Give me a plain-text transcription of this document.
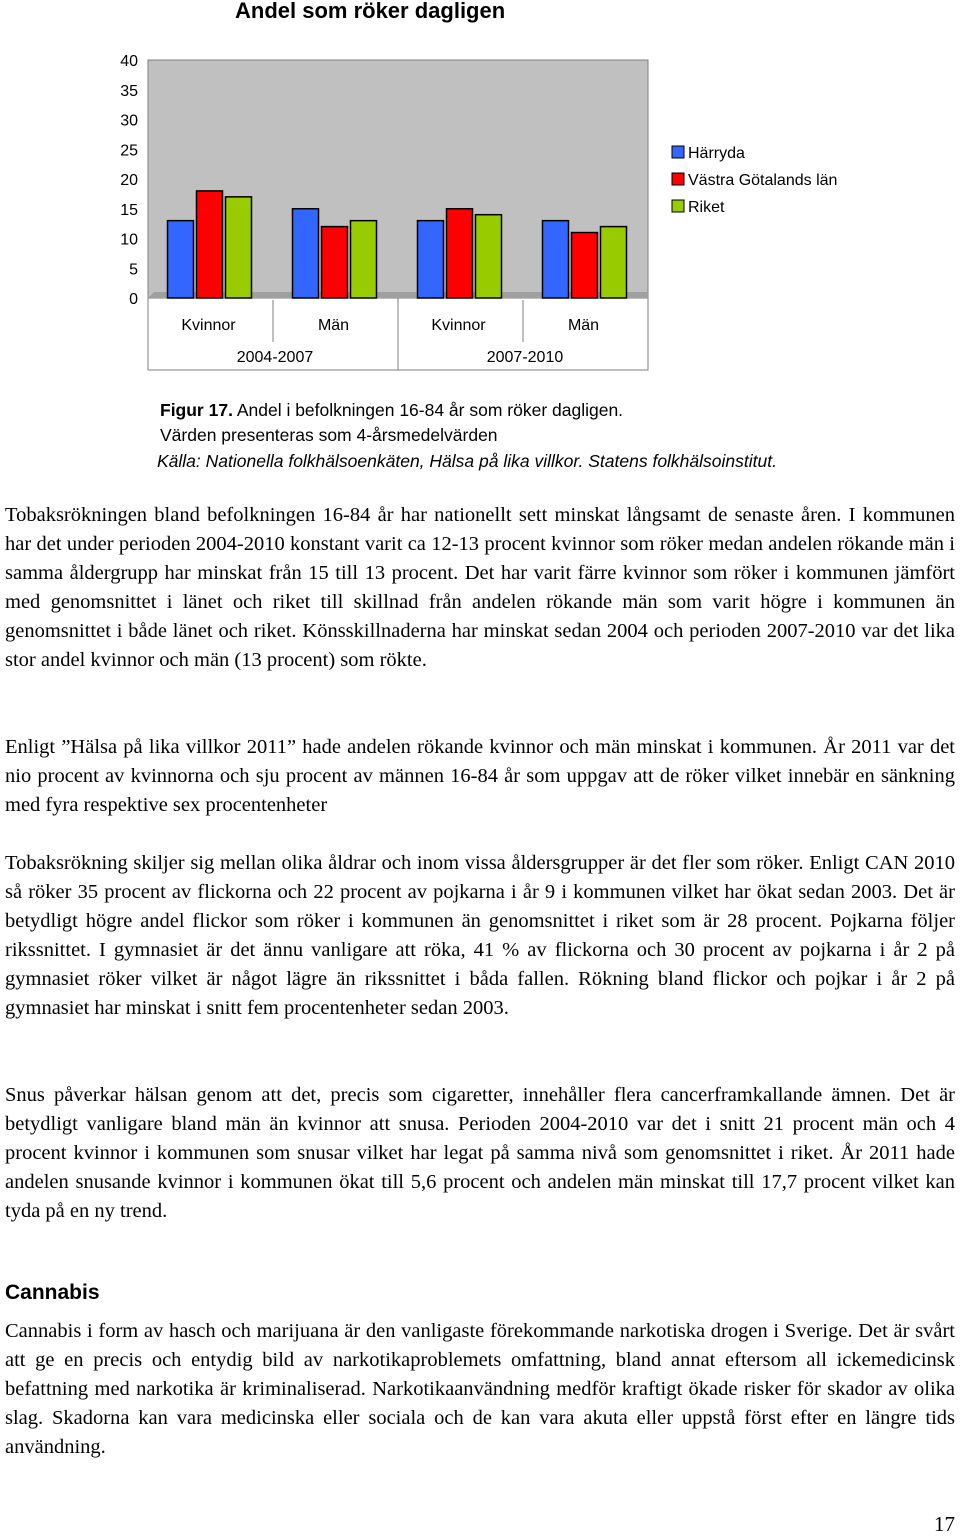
40
35
30
25
20
15
10
5
0
Kvinnor	Män	Kvinnor	Män
2004-2007	2007-2010
Härryda
Västra Götalands län
Riket
Andel som röker dagligen
Figur 17. Andel i befolkningen 16-84 år som röker dagligen.
Värden presenteras som 4-årsmedelvärden
Källa: Nationella folkhälsoenkäten, Hälsa på lika villkor. Statens folkhälsoinstitut.

Tobaksrökningen bland befolkningen 16-84 år har nationellt sett minskat långsamt de senaste åren. I kommunen har det under perioden 2004-2010 konstant varit ca 12-13 procent kvinnor som röker medan andelen rökande män i samma åldergrupp har minskat från 15 till 13 procent. Det har varit färre kvinnor som röker i kommunen jämfört med genomsnittet i länet och riket till skillnad från andelen rökande män som varit högre i kommunen än genomsnittet i både länet och riket. Könsskillnaderna har minskat sedan 2004 och perioden 2007-2010 var det lika stor andel kvinnor och män (13 procent) som rökte.

Enligt ”Hälsa på lika villkor 2011” hade andelen rökande kvinnor och män minskat i kommunen. År 2011 var det nio procent av kvinnorna och sju procent av männen 16-84 år som uppgav att de röker vilket innebär en sänkning med fyra respektive sex procentenheter

Tobaksrökning skiljer sig mellan olika åldrar och inom vissa åldersgrupper är det fler som röker. Enligt CAN 2010 så röker 35 procent av flickorna och 22 procent av pojkarna i år 9 i kommunen vilket har ökat sedan 2003. Det är betydligt högre andel flickor som röker i kommunen än genomsnittet i riket som är 28 procent. Pojkarna följer rikssnittet. I gymnasiet är det ännu vanligare att röka, 41 % av flickorna och 30 procent av pojkarna i år 2 på gymnasiet röker vilket är något lägre än rikssnittet i båda fallen. Rökning bland flickor och pojkar i år 2 på gymnasiet har minskat i snitt fem procentenheter sedan 2003.

Snus påverkar hälsan genom att det, precis som cigaretter, innehåller flera cancerframkallande ämnen. Det är betydligt vanligare bland män än kvinnor att snusa. Perioden 2004-2010 var det i snitt 21 procent män och 4 procent kvinnor i kommunen som snusar vilket har legat på samma nivå som genomsnittet i riket. År 2011 hade andelen snusande kvinnor i kommunen ökat till 5,6 procent och andelen män minskat till 17,7 procent vilket kan tyda på en ny trend.

Cannabis

Cannabis i form av hasch och marijuana är den vanligaste förekommande narkotiska drogen i Sverige. Det är svårt att ge en precis och entydig bild av narkotikaproblemets omfattning, bland annat eftersom all ickemedicinsk befattning med narkotika är kriminaliserad. Narkotikaanvändning medför kraftigt ökade risker för skador av olika slag. Skadorna kan vara medicinska eller sociala och de kan vara akuta eller uppstå först efter en längre tids användning.

17
